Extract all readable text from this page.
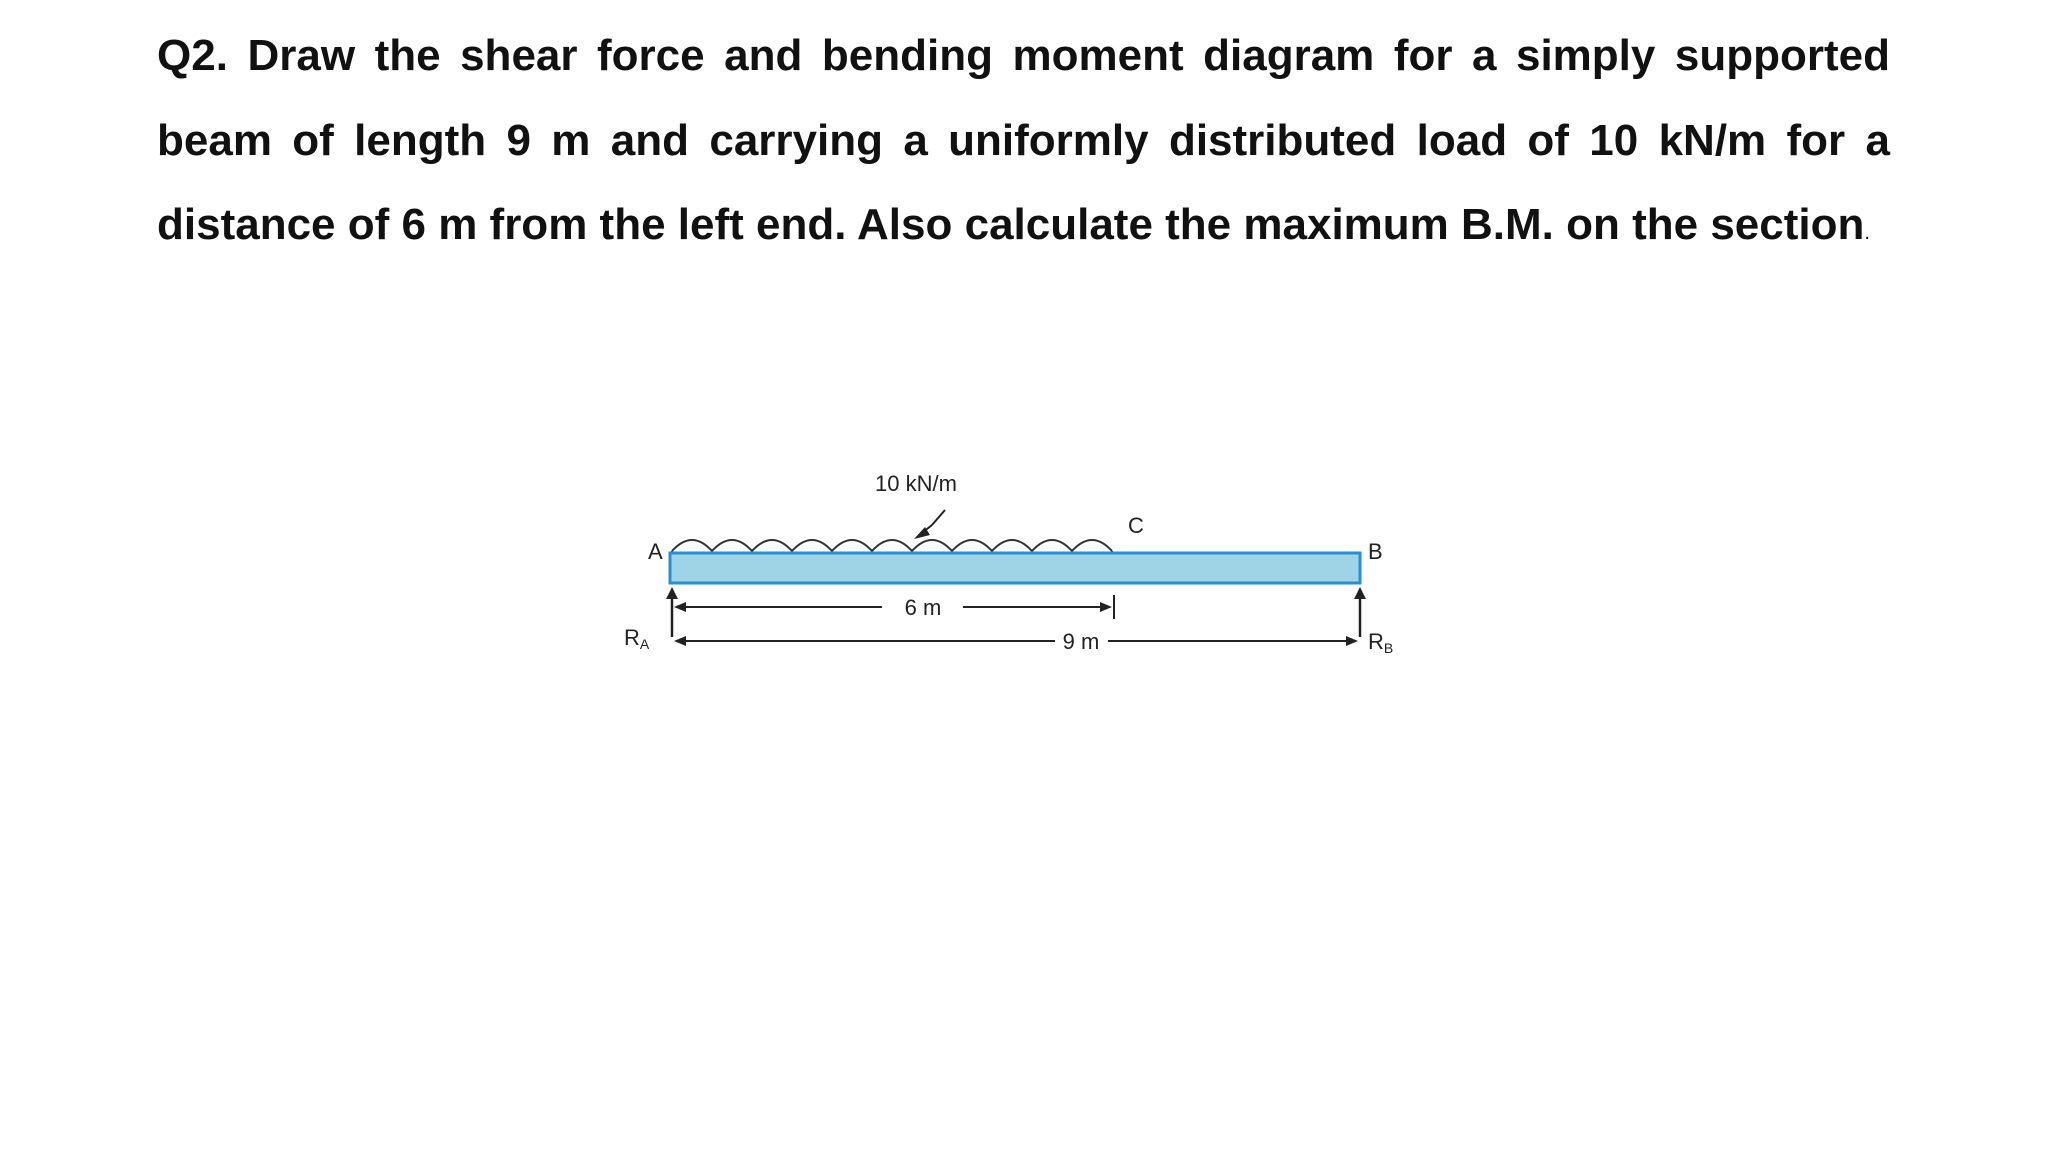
Q2. Draw the shear force and bending moment diagram for a simply supported beam of length 9 m and carrying a uniformly distributed load of 10 kN/m for a distance of 6 m from the left end. Also calculate the maximum B.M. on the section.

10 kN/m
A
C
B
6 m
9 m
RA	RB
